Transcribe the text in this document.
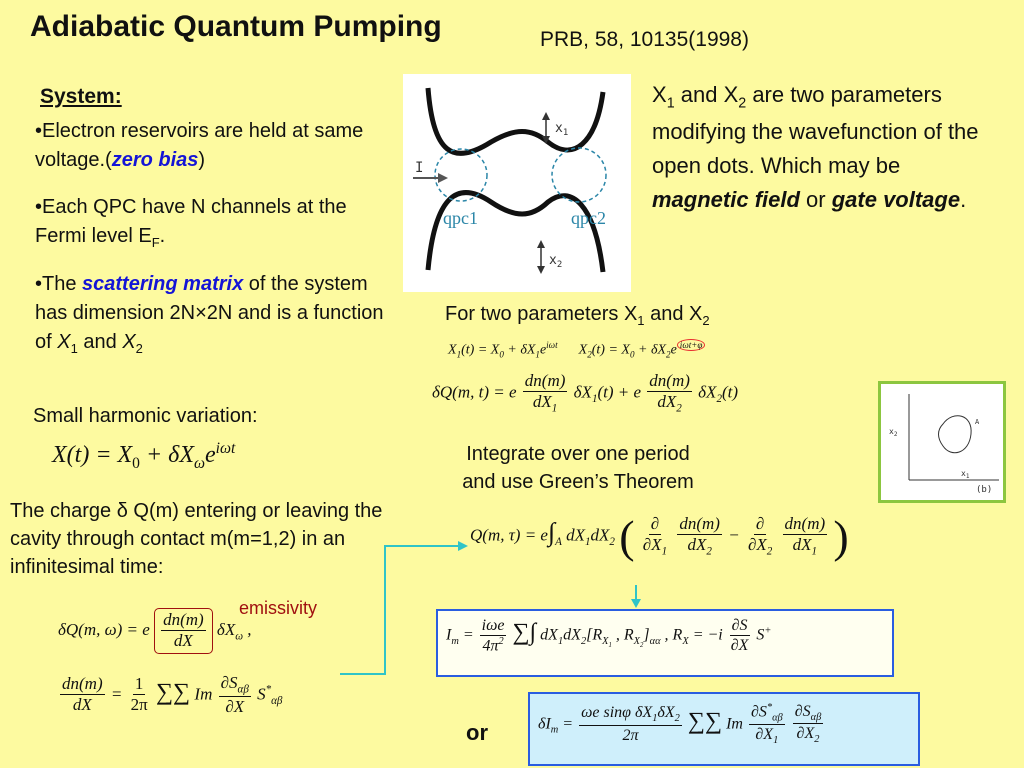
Adiabatic Quantum Pumping	PRB, 58, 10135(1998)
System:
•Electron reservoirs are held at same voltage.(zero bias)
•Each QPC have N channels at the Fermi level $E_F$.
•The scattering matrix of the system has dimension 2N×2N and is a function of $X_1$ and $X_2$
Small harmonic variation:
$X(t) = X_0 + \delta X_\omega e^{i\omega t}$
The charge δ Q(m) entering or leaving the cavity through contact m(m=1,2) in an infinitesimal time:
emissivity
δQ(m, ω) = e $\frac{dn(m)}{dX} \delta X_\omega$ ,
$\frac{dn(m)}{dX} = \frac{1}{2\pi}$ ∑∑ Im $\frac{\partial S_{\alpha\beta}}{\partial X} S^*_{\alpha\beta}$
I
$x_1$
$x_2$
qpc1	qpc2
$X_1$ and $X_2$ are two parameters modifying the wavefunction of the open dots. Which may be magnetic field or gate voltage.
For two parameters $X_1$ and $X_2$
$X_1(t) = X_0 + \delta X_1e^{i\omega t}$      $X_2(t) = X_0 + \delta X_2e$ $^{i\omega t+\varphi}$
δQ(m, t) = e $\frac{dn(m)}{dX_1} \delta X_1(t) + e \frac{dn(m)}{dX_2} \delta X_2(t)$
Integrate over one period
and use Green’s Theorem
$x_2$
$x_1$
A
(b)
Q(m, $\tau) = e\int_A$ $dX_1dX_2$ ( $\frac{\partial}{\partial X_1}$
$\frac{dn(m)}{dX_2} - \frac{\partial}{\partial X_2}$
$\frac{dn(m)}{dX_1}$ )
$I_m = \frac{\text{iωe}}{4\pi^2}$ ∑∫ $dX_1dX_2[R_{X_1}$ , $R_{X_2}]_{\alpha\alpha}$ , $R_X = -i \frac{\partial S}{\partial X} S^+$
$\delta I_m = \frac{\omega e \sin\varphi \delta X_1\delta X_2}{2\pi}$ ∑∑ Im $\frac{\partial S^*_{\alpha\beta}}{\partial X_1}$
$\frac{\partial S_{\alpha\beta}}{\partial X_2}$
or
